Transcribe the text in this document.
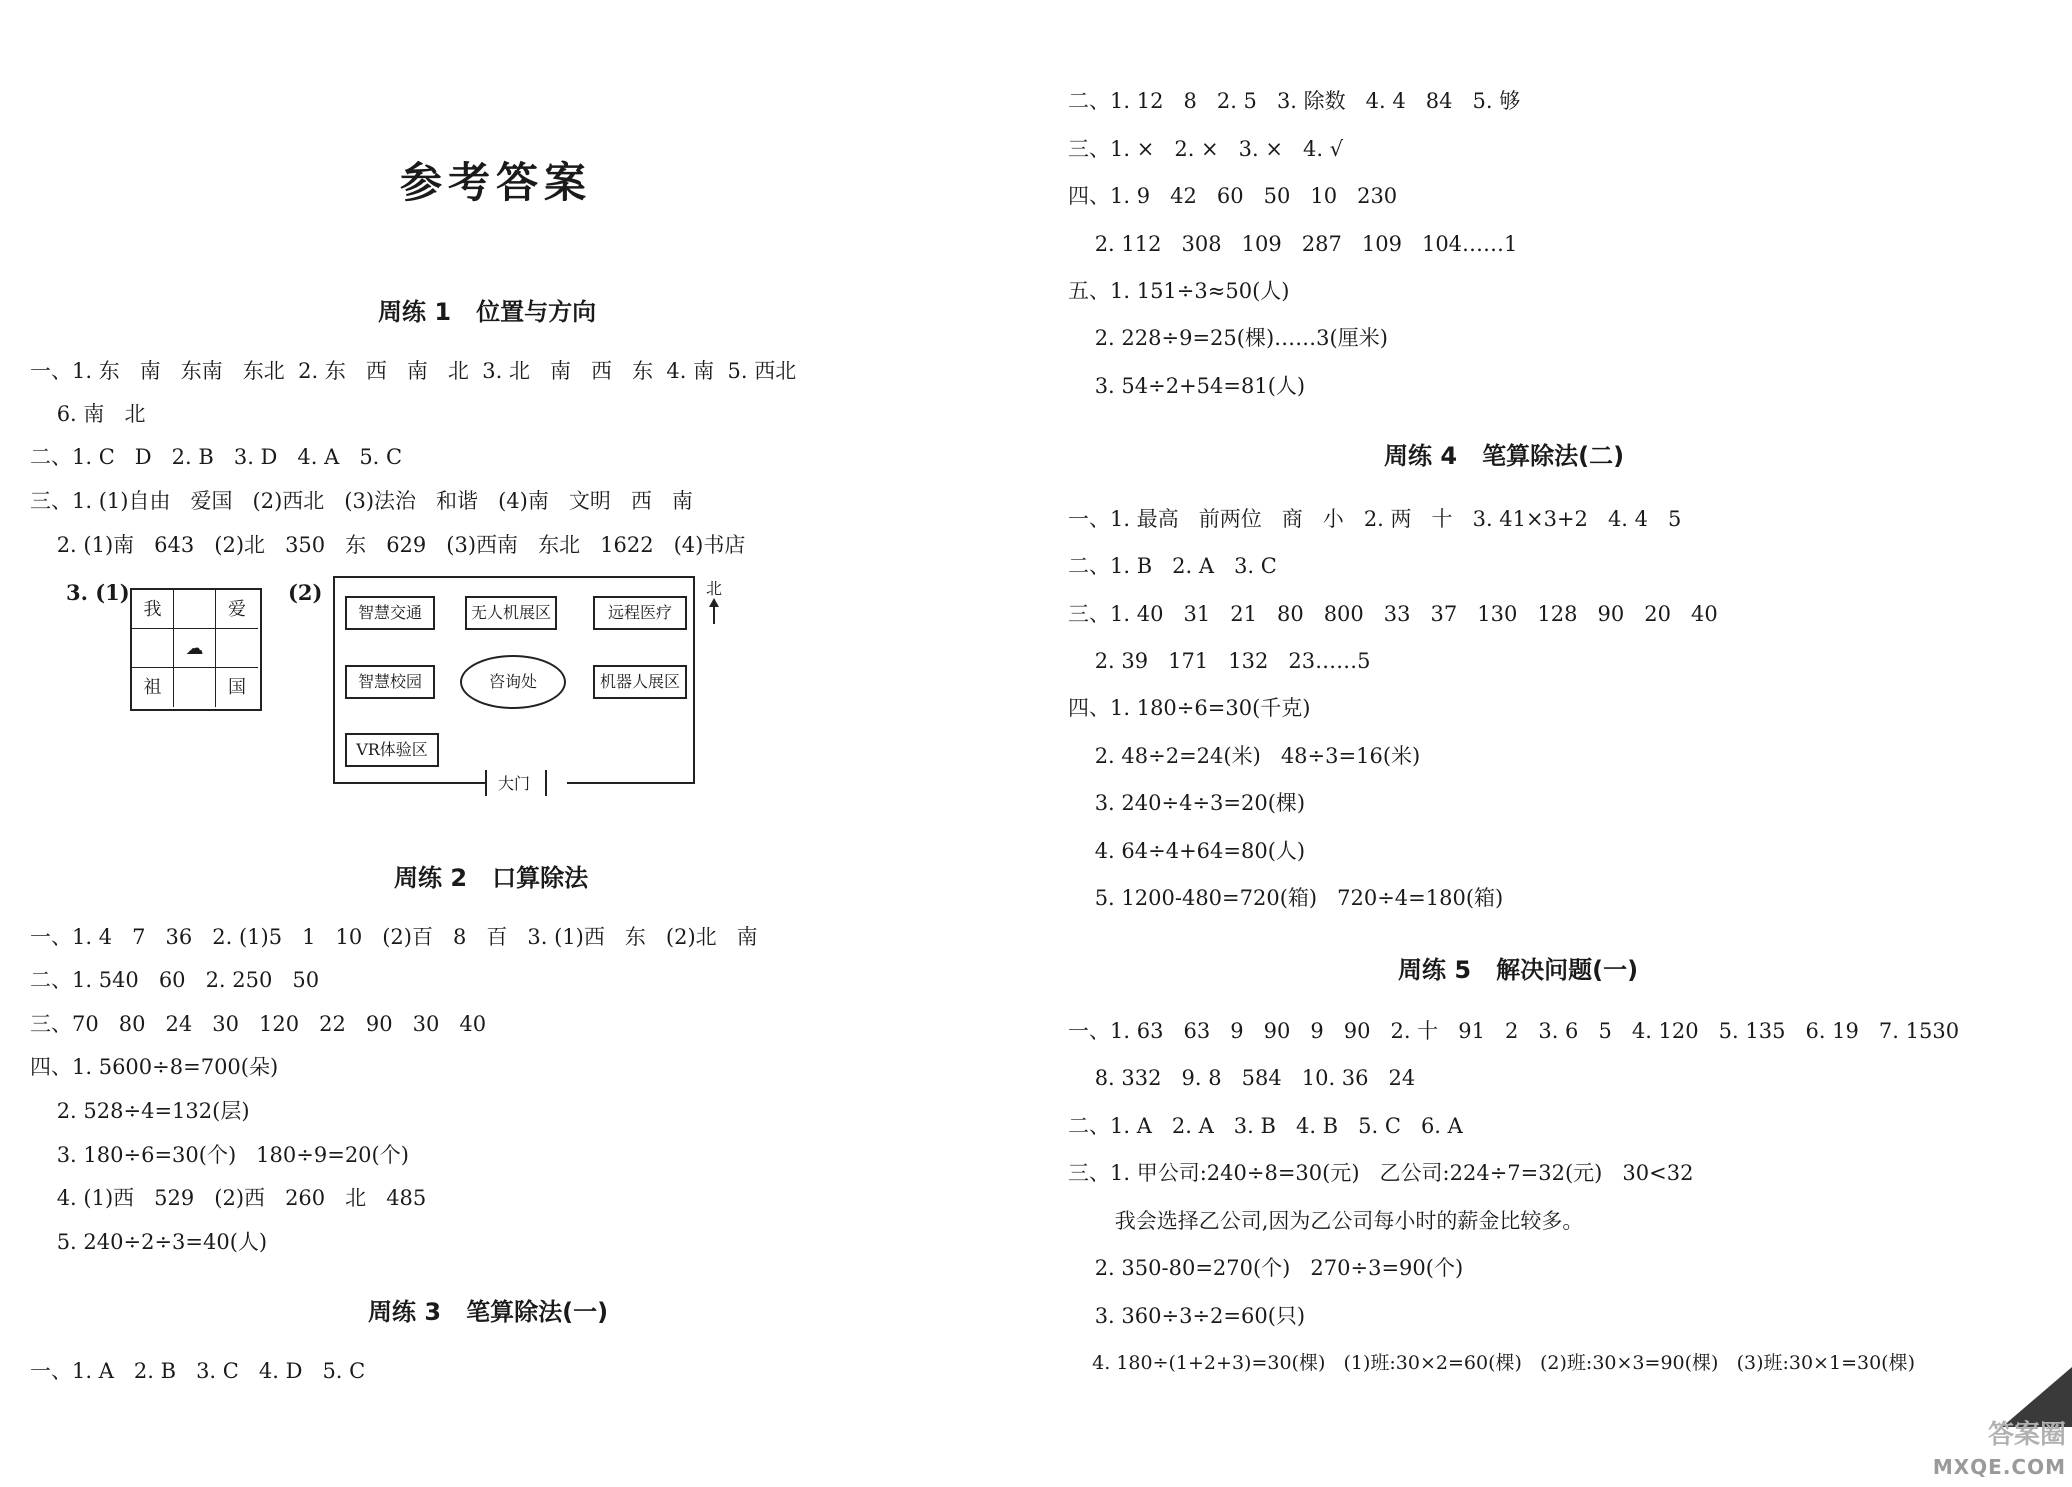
参考答案
周练 1   位置与方向
一、1. 东   南   东南   东北  2. 东   西   南   北  3. 北   南   西   东  4. 南  5. 西北
6. 南   北
二、1. C   D   2. B   3. D   4. A   5. C
三、1. (1)自由   爱国   (2)西北   (3)法治   和谐   (4)南   文明   西   南
2. (1)南   643   (2)北   350   东   629   (3)西南   东北   1622   (4)书店
3. (1)
我	爱
☁
祖	国
(2)
智慧交通	无人机展区	远程医疗
智慧校园	咨询处	机器人展区
VR体验区
大门
北
周练 2   口算除法
一、1. 4   7   36   2. (1)5   1   10   (2)百   8   百   3. (1)西   东   (2)北   南
二、1. 540   60   2. 250   50
三、70   80   24   30   120   22   90   30   40
四、1. 5600÷8=700(朵)
2. 528÷4=132(层)
3. 180÷6=30(个)   180÷9=20(个)
4. (1)西   529   (2)西   260   北   485
5. 240÷2÷3=40(人)
周练 3   笔算除法(一)
一、1. A   2. B   3. C   4. D   5. C
二、1. 12   8   2. 5   3. 除数   4. 4   84   5. 够
三、1. ×   2. ×   3. ×   4. √
四、1. 9   42   60   50   10   230
2. 112   308   109   287   109   104……1
五、1. 151÷3≈50(人)
2. 228÷9=25(棵)……3(厘米)
3. 54÷2+54=81(人)
周练 4   笔算除法(二)
一、1. 最高   前两位   商   小   2. 两   十   3. 41×3+2   4. 4   5
二、1. B   2. A   3. C
三、1. 40   31   21   80   800   33   37   130   128   90   20   40
2. 39   171   132   23……5
四、1. 180÷6=30(千克)
2. 48÷2=24(米)   48÷3=16(米)
3. 240÷4÷3=20(棵)
4. 64÷4+64=80(人)
5. 1200-480=720(箱)   720÷4=180(箱)
周练 5   解决问题(一)
一、1. 63   63   9   90   9   90   2. 十   91   2   3. 6   5   4. 120   5. 135   6. 19   7. 1530
8. 332   9. 8   584   10. 36   24
二、1. A   2. A   3. B   4. B   5. C   6. A
三、1. 甲公司:240÷8=30(元)   乙公司:224÷7=32(元)   30<32
我会选择乙公司,因为乙公司每小时的薪金比较多。
2. 350-80=270(个)   270÷3=90(个)
3. 360÷3÷2=60(只)
4. 180÷(1+2+3)=30(棵)   (1)班:30×2=60(棵)   (2)班:30×3=90(棵)   (3)班:30×1=30(棵)
答案圈
MXQE.COM
